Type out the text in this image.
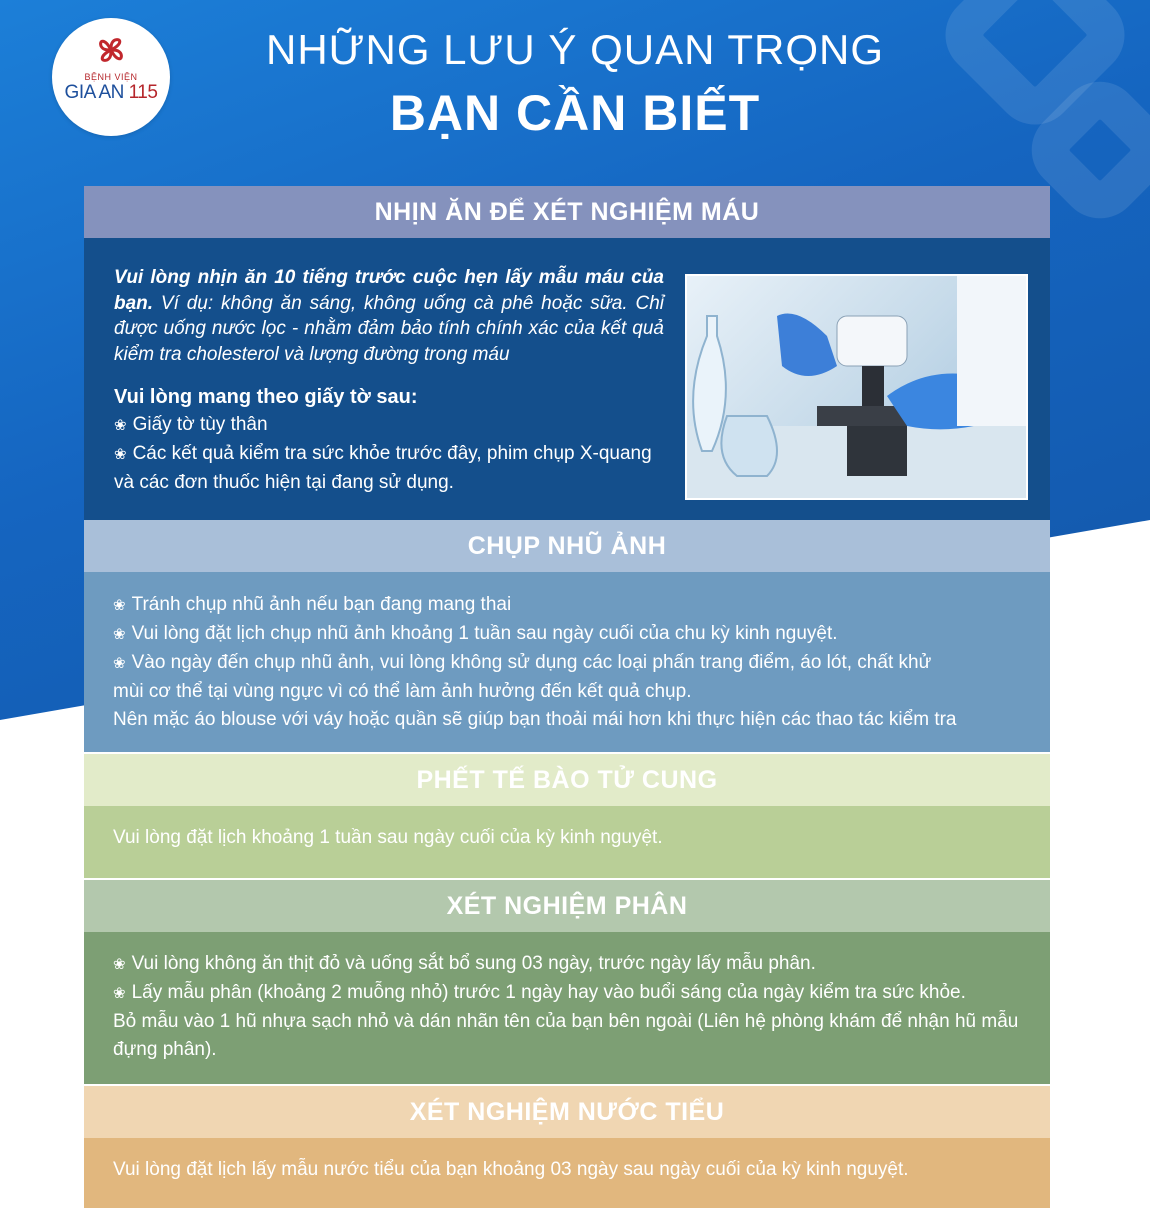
BỆNH VIỆN
GIA AN 115
NHỮNG LƯU Ý QUAN TRỌNG
BẠN CẦN BIẾT
NHỊN ĂN ĐỂ XÉT NGHIỆM MÁU
Vui lòng nhịn ăn 10 tiếng trước cuộc hẹn lấy mẫu máu của bạn. Ví dụ: không ăn sáng, không uống cà phê hoặc sữa. Chỉ được uống nước lọc - nhằm đảm bảo tính chính xác của kết quả kiểm tra cholesterol và lượng đường trong máu
Vui lòng mang theo giấy tờ sau:
❀ Giấy tờ tùy thân
❀ Các kết quả kiểm tra sức khỏe trước đây, phim chụp X-quang và các đơn thuốc hiện tại đang sử dụng.
CHỤP NHŨ ẢNH
❀ Tránh chụp nhũ ảnh nếu bạn đang mang thai
❀ Vui lòng đặt lịch chụp nhũ ảnh khoảng 1 tuần sau ngày cuối của chu kỳ kinh nguyệt.
❀ Vào ngày đến chụp nhũ ảnh, vui lòng không sử dụng các loại phấn trang điểm, áo lót, chất khử mùi cơ thể tại vùng ngực vì có thể làm ảnh hưởng đến kết quả chụp.
Nên mặc áo blouse với váy hoặc quần sẽ giúp bạn thoải mái hơn khi thực hiện các thao tác kiểm tra
PHẾT TẾ BÀO TỬ CUNG
Vui lòng đặt lịch khoảng 1 tuần sau ngày cuối của kỳ kinh nguyệt.
XÉT NGHIỆM PHÂN
❀ Vui lòng không ăn thịt đỏ và uống sắt bổ sung 03 ngày, trước ngày lấy mẫu phân.
❀ Lấy mẫu phân (khoảng 2 muỗng nhỏ) trước 1 ngày hay vào buổi sáng của ngày kiểm tra sức khỏe.
Bỏ mẫu vào 1 hũ nhựa sạch nhỏ và dán nhãn tên của bạn bên ngoài (Liên hệ phòng khám để nhận hũ mẫu đựng phân).
XÉT NGHIỆM NƯỚC TIỂU
Vui lòng đặt lịch lấy mẫu nước tiểu của bạn khoảng 03 ngày sau ngày cuối của kỳ kinh nguyệt.
